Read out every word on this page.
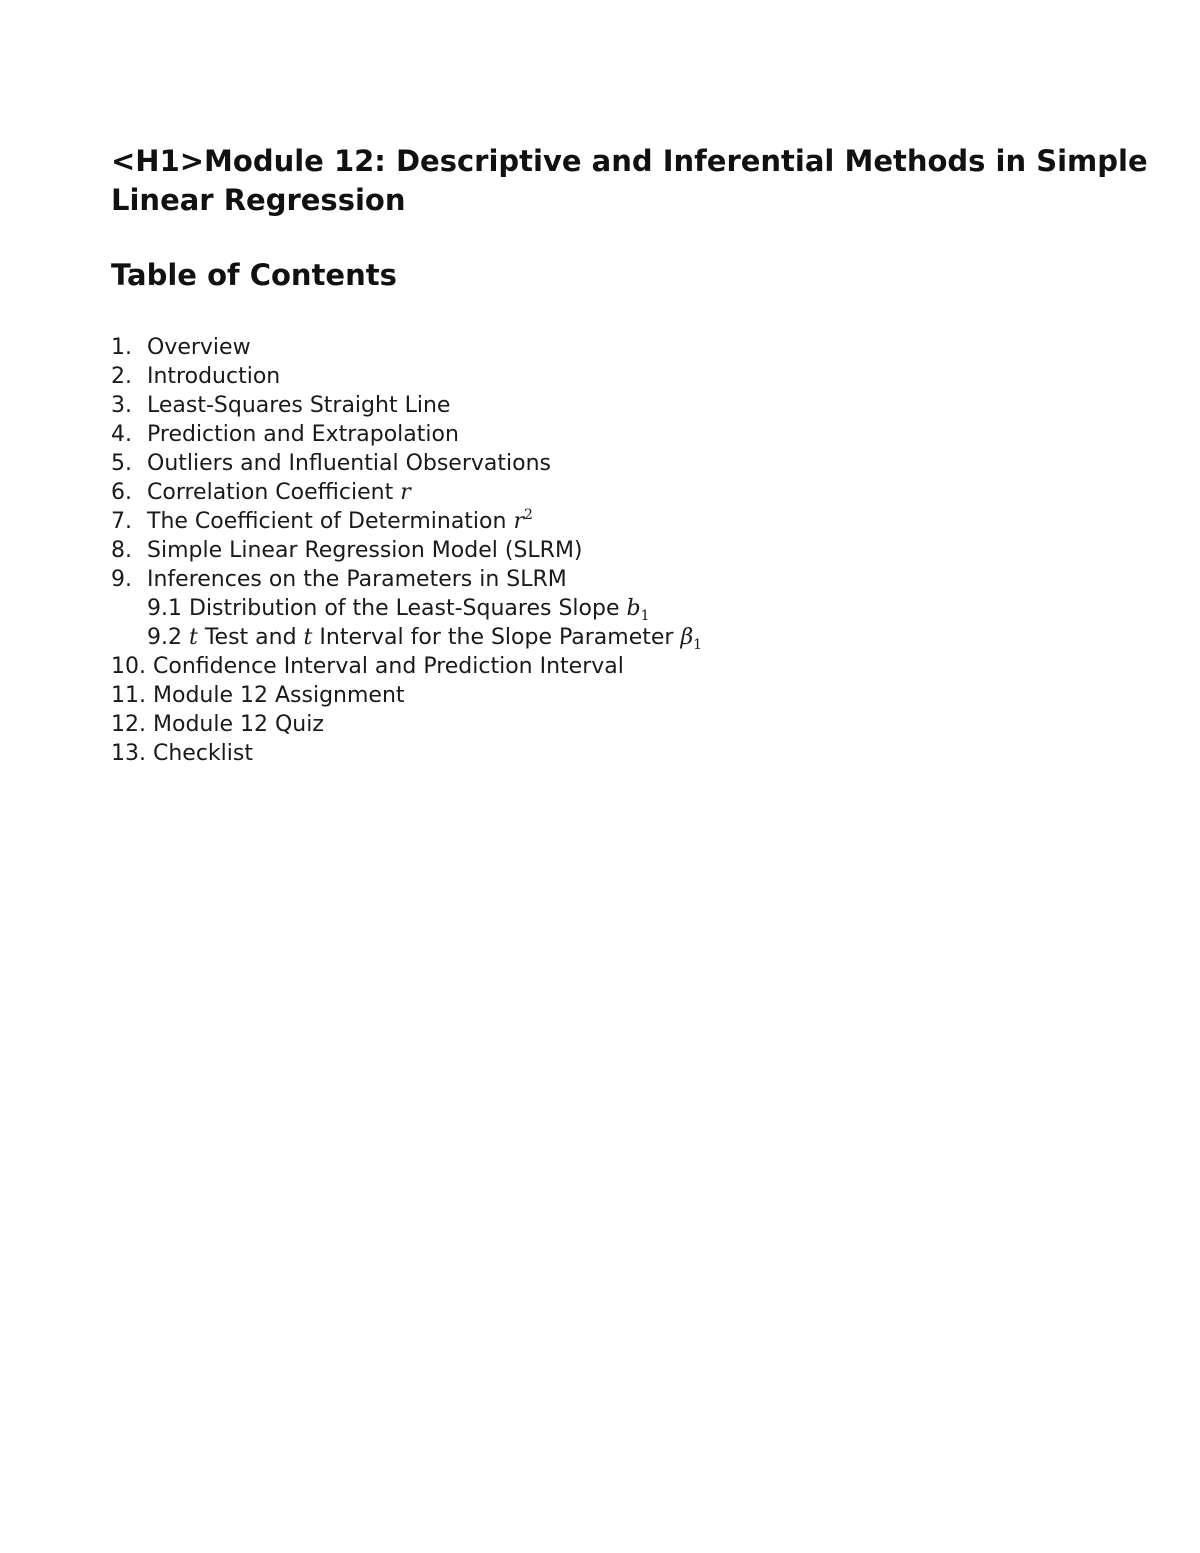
<H1>Module 12: Descriptive and Inferential Methods in Simple Linear Regression
Table of Contents
1. Overview
2. Introduction
3. Least-Squares Straight Line
4. Prediction and Extrapolation
5. Outliers and Influential Observations
6. Correlation Coefficient r
7. The Coefficient of Determination $r^2$
8. Simple Linear Regression Model (SLRM)
9. Inferences on the Parameters in SLRM
9.1 Distribution of the Least-Squares Slope $b_1$
9.2 t Test and t Interval for the Slope Parameter $\beta_1$
10. Confidence Interval and Prediction Interval
11. Module 12 Assignment
12. Module 12 Quiz
13. Checklist
